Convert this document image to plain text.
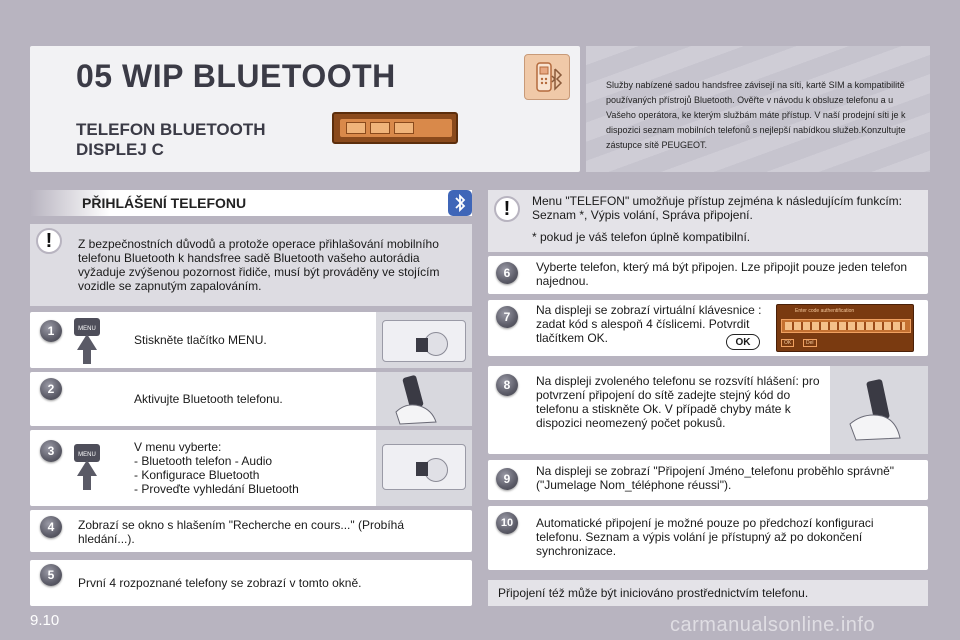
Služby nabízené sadou handsfree závisejí na síti, kartě SIM a kompatibilitě používaných přístrojů Bluetooth. Ověřte v návodu k obsluze telefonu a u Vašeho operátora, ke kterým službám máte přístup. V naší prodejní síti je k dispozici seznam mobilních telefonů s nejlepší nabídkou služeb.Konzultujte zástupce sítě PEUGEOT.
05 WIP BLUETOOTH
TELEFON BLUETOOTH
DISPLEJ C
PŘIHLÁŠENÍ TELEFONU
Z bezpečnostních důvodů a protože operace přihlašování mobilního telefonu Bluetooth k handsfree sadě Bluetooth vašeho autorádia vyžaduje zvýšenou pozornost řidiče, musí být prováděny ve stojícím vozidle se zapnutým zapalováním.
!
MENU
Stiskněte tlačítko MENU.
1
Aktivujte Bluetooth telefonu.
2
MENU
V menu vyberte:
- Bluetooth telefon - Audio
- Konfigurace Bluetooth
- Proveďte vyhledání Bluetooth
3
Zobrazí se okno s hlašením "Recherche en cours..." (Probíhá hledání...).
4
První 4 rozpoznané telefony se zobrazí v tomto okně.
5
Menu "TELEFON" umožňuje přístup zejména k následujícím funkcím: Seznam *, Výpis volání, Správa připojení.
* pokud je váš telefon úplně kompatibilní.
!
Vyberte telefon, který má být připojen. Lze připojit pouze jeden telefon najednou.
6
Na displeji se zobrazí virtuální klávesnice : zadat kód s alespoň 4 číslicemi. Potvrdit tlačítkem OK.	OK
Enter code authentification
OK	Del
7
Na displeji zvoleného telefonu se rozsvítí hlášení: pro potvrzení připojení do sítě zadejte stejný kód do telefonu a stiskněte Ok. V případě chyby máte k dispozici neomezený počet pokusů.
8
Na displeji se zobrazí "Připojení Jméno_telefonu proběhlo správně" ("Jumelage Nom_téléphone réussi").
9
Automatické připojení je možné pouze po předchozí konfiguraci telefonu. Seznam a výpis volání je přístupný až po dokončení synchronizace.
10
Připojení též může být iniciováno prostřednictvím telefonu.
9.10	carmanualsonline.info
